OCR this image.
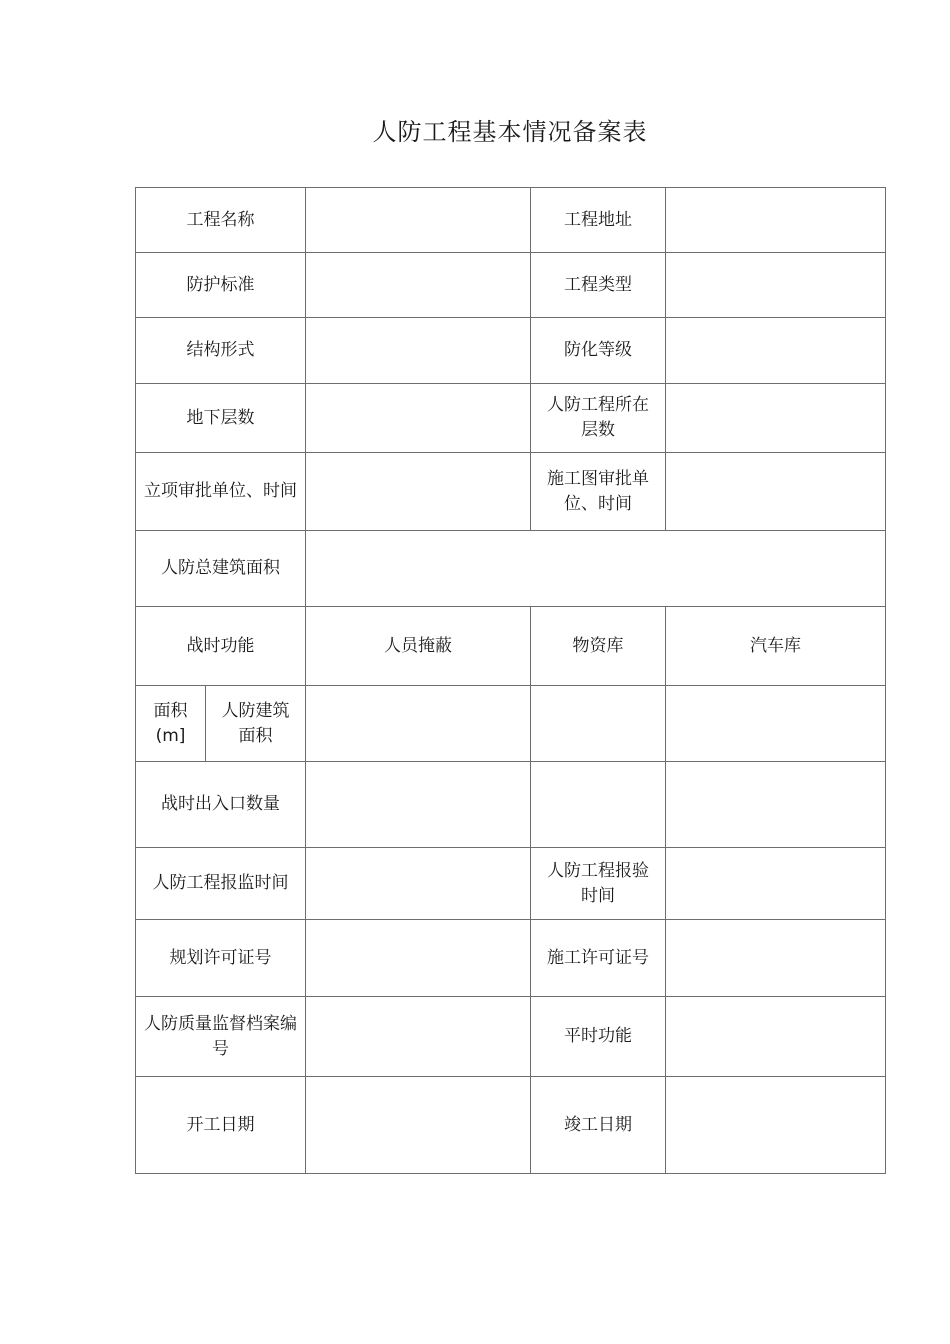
人防工程基本情况备案表
工程名称			工程地址	
防护标准			工程类型	
结构形式			防化等级	
地下层数			人防工程所在层数	
立项审批单位、时间			施工图审批单位、时间	
人防总建筑面积				
战时功能		人员掩蔽	物资库	汽车库
面积(m]	人防建筑面积			
战时出入口数量				
人防工程报监时间			人防工程报验时间	
规划许可证号			施工许可证号	
人防质量监督档案编号			平时功能	
开工日期			竣工日期	
